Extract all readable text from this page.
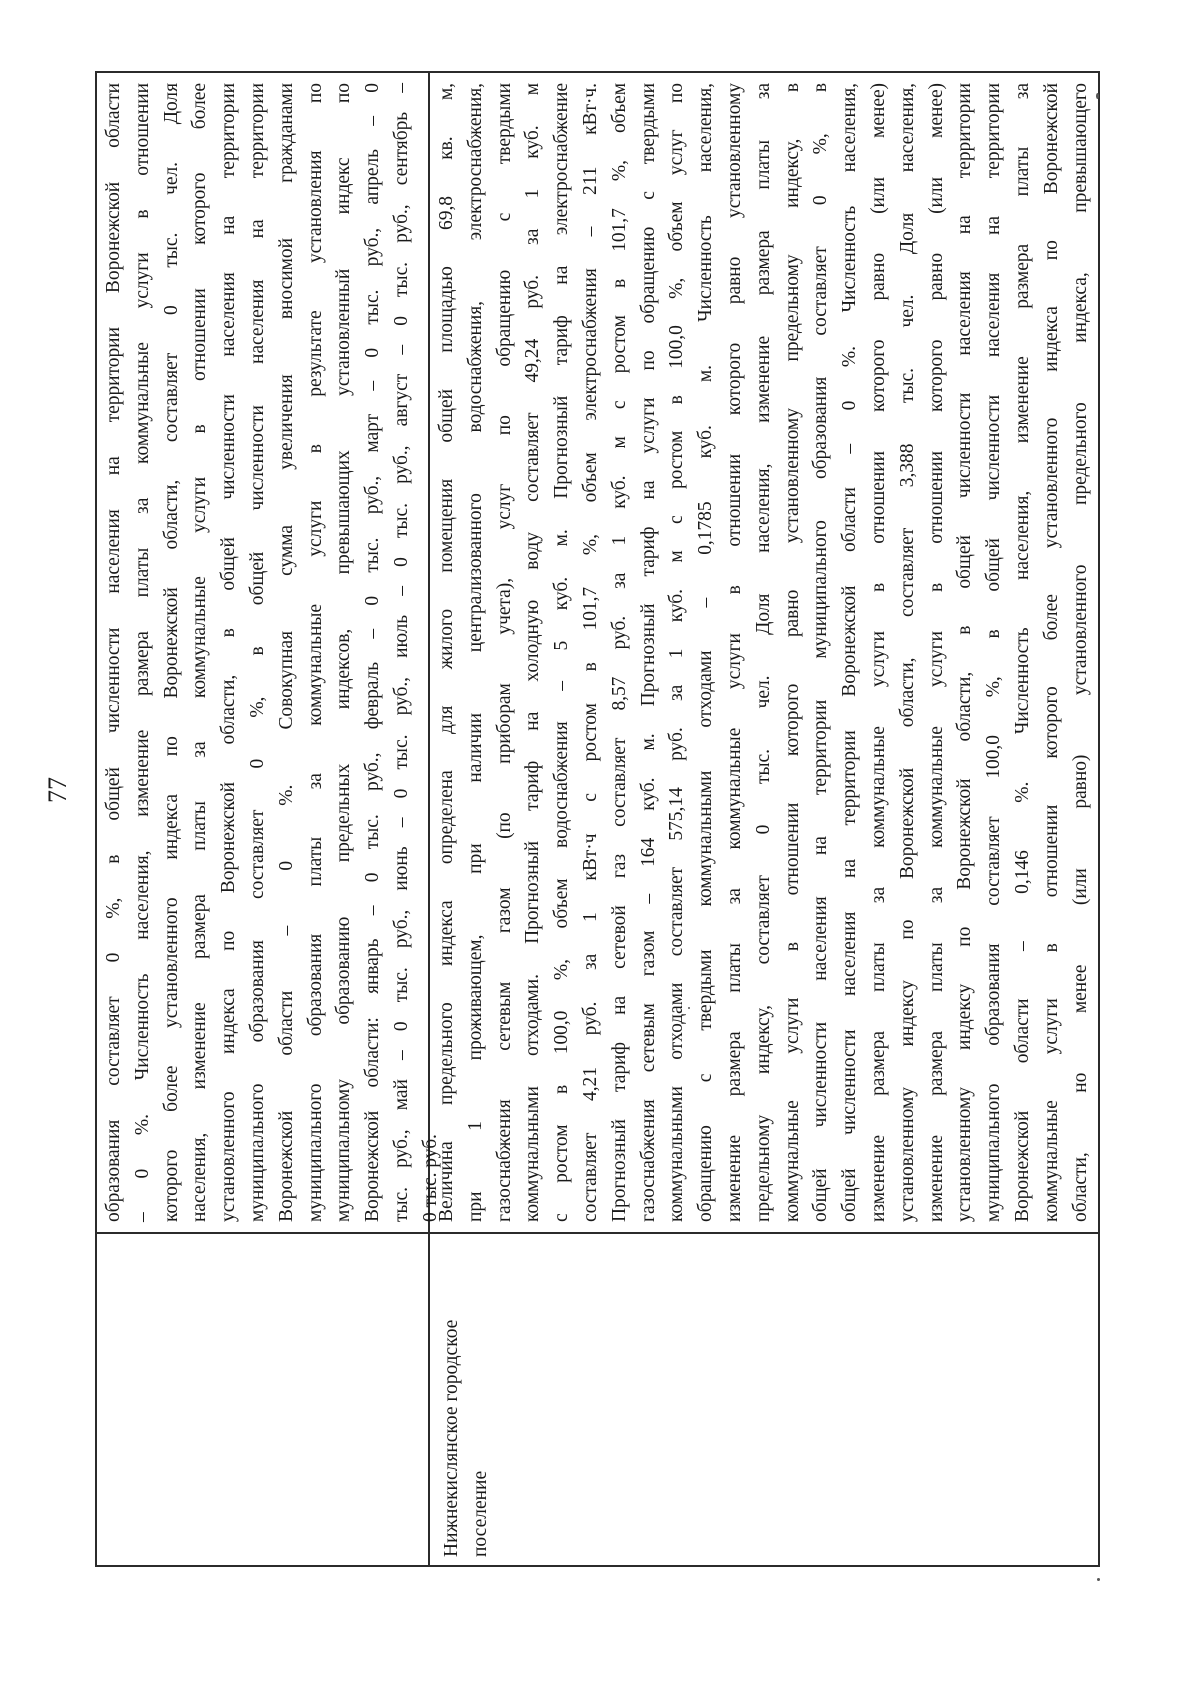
77 образования составляет 0 %, в общей численности населения на территории Воронежской области – 0 %. Численность населения, изменение размера платы за коммунальные услуги в отношении которого более установленного индекса по Воронежской области, составляет 0 тыс. чел. Доля населения, изменение размера платы за коммунальные услуги в отношении которого более установленного индекса по Воронежской области, в общей численности населения на территории муниципального образования составляет 0 %, в общей численности населения на территории Воронежской области – 0 %. Совокупная сумма увеличения вносимой гражданами муниципального образования платы за коммунальные услуги в результате установления по муниципальному образованию предельных индексов, превышающих установленный индекс по Воронежской области: январь – 0 тыс. руб., февраль – 0 тыс. руб., март – 0 тыс. руб., апрель – 0 тыс. руб., май – 0 тыс. руб., июнь – 0 тыс. руб., июль – 0 тыс. руб., август – 0 тыс. руб., сентябрь – 0 тыс. руб.
Нижнекислянское городское поселение
Величина предельного индекса определена для жилого помещения общей площадью 69,8 кв. м, при 1 проживающем, при наличии централизованного водоснабжения, электроснабжения, газоснабжения сетевым газом (по приборам учета), услуг по обращению с твердыми коммунальными отходами. Прогнозный тариф на холодную воду составляет 49,24 руб. за 1 куб. м с ростом в 100,0 %, объем водоснабжения – 5 куб. м. Прогнозный тариф на электроснабжение составляет 4,21 руб. за 1 кВт·ч с ростом в 101,7 %, объем электроснабжения – 211 кВт·ч. Прогнозный тариф на сетевой газ составляет 8,57 руб. за 1 куб. м с ростом в 101,7 %, объем газоснабжения сетевым газом – 164 куб. м. Прогнозный тариф на услуги по обращению с твердыми коммунальными отходами составляет 575,14 руб. за 1 куб. м с ростом в 100,0 %, объем услуг по обращению с твердыми коммунальными отходами – 0,1785 куб. м. Численность населения, изменение размера платы за коммунальные услуги в отношении которого равно установленному предельному индексу, составляет 0 тыс. чел. Доля населения, изменение размера платы за коммунальные услуги в отношении которого равно установленному предельному индексу, в общей численности населения на территории муниципального образования составляет 0 %, в общей численности населения на территории Воронежской области – 0 %. Численность населения, изменение размера платы за коммунальные услуги в отношении которого равно (или менее) установленному индексу по Воронежской области, составляет 3,388 тыс. чел. Доля населения, изменение размера платы за коммунальные услуги в отношении которого равно (или менее) установленному индексу по Воронежской области, в общей численности населения на территории муниципального образования составляет 100,0 %, в общей численности населения на территории Воронежской области – 0,146 %. Численность населения, изменение размера платы за коммунальные услуги в отношении которого более установленного индекса по Воронежской области, но менее (или равно) установленного предельного индекса, превышающего
